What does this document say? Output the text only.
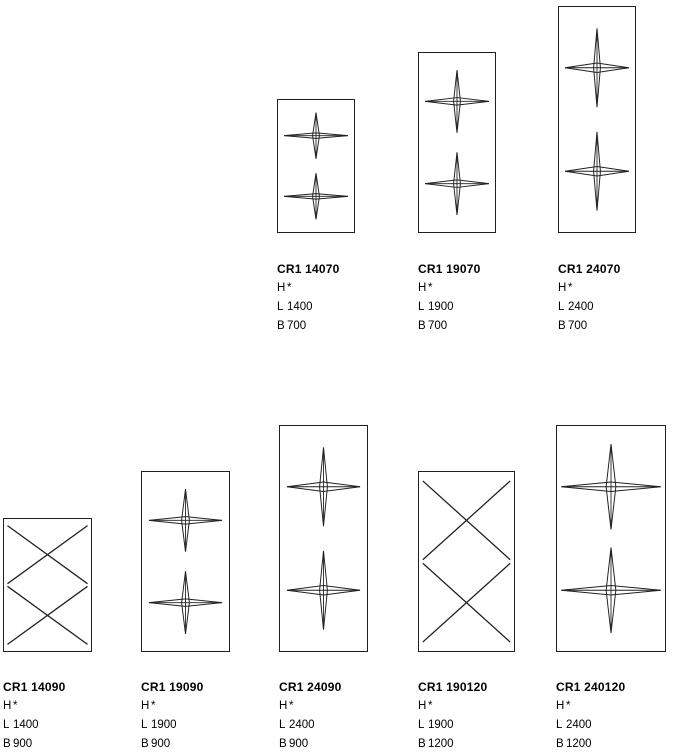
CR1 14070
H *
L 1400
B 700
CR1 19070
H *
L 1900
B 700
CR1 24070
H *
L 2400
B 700
CR1 14090
H *
L 1400
B 900
CR1 19090
H *
L 1900
B 900
CR1 24090
H *
L 2400
B 900
CR1 190120
H *
L 1900
B 1200
CR1 240120
H *
L 2400
B 1200
